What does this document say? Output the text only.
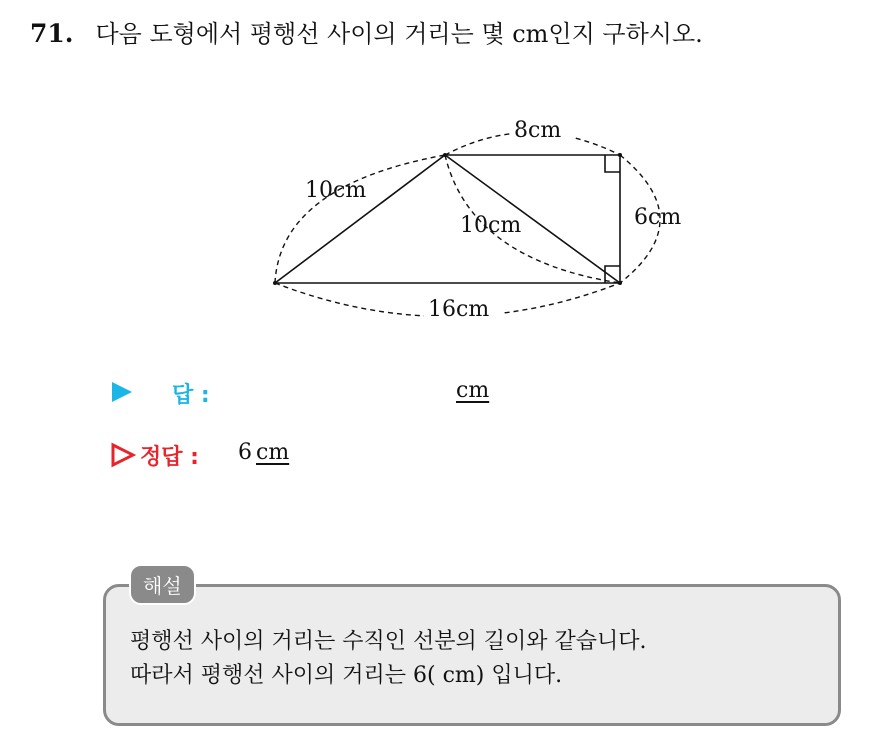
71. 다음 도형에서 평행선 사이의 거리는 몇 cm인지 구하시오.
8cm
10cm
10cm	6cm
16cm
답 :	cm
정답 : 6 cm
평행선 사이의 거리는 수직인 선분의 길이와 같습니다.
따라서 평행선 사이의 거리는 6( cm) 입니다.
해설
